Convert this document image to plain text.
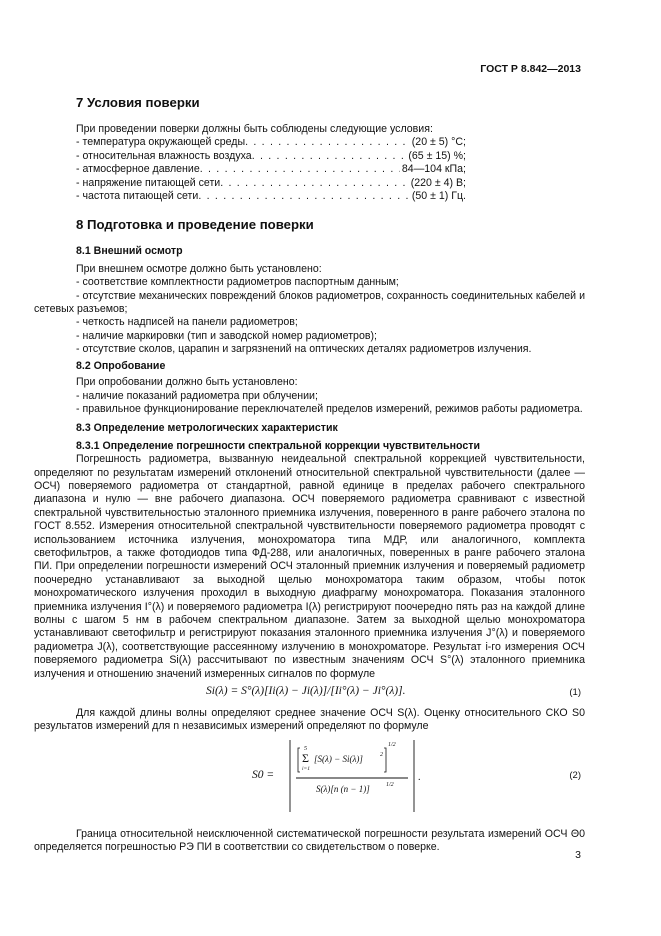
ГОСТ Р 8.842—2013
7 Условия поверки

При проведении поверки должны быть соблюдены следующие условия:

- температура окружающей среды . . .	(20 ± 5) °С;
- относительная влажность воздуха . . .	(65 ± 15) %;
- атмосферное давление . . .	84—104 кПа;
- напряжение питающей сети . . .	(220 ± 4) В;
- частота питающей сети . . .	(50 ± 1) Гц.
8 Подготовка и проведение поверки
8.1 Внешний осмотр

При внешнем осмотре должно быть установлено:

- соответствие комплектности радиометров паспортным данным;

- отсутствие механических повреждений блоков радиометров, сохранность соединительных кабелей и сетевых разъемов;

- четкость надписей на панели радиометров;

- наличие маркировки (тип и заводской номер радиометров);

- отсутствие сколов, царапин и загрязнений на оптических деталях радиометров излучения.

8.2 Опробование

При опробовании должно быть установлено:

- наличие показаний радиометра при облучении;

- правильное функционирование переключателей пределов измерений, режимов работы радиометра.

8.3 Определение метрологических характеристик
8.3.1 Определение погрешности спектральной коррекции чувствительности

Погрешность радиометра, вызванную неидеальной спектральной коррекцией чувствительности, определяют по результатам измерений отклонений относительной спектральной чувствительности (далее — ОСЧ) поверяемого радиометра от стандартной, равной единице в пределах рабочего спектрального диапазона и нулю — вне рабочего диапазона. ОСЧ поверяемого радиометра сравнивают с известной спектральной чувствительностью эталонного приемника излучения, поверенного в ранге рабочего эталона по ГОСТ 8.552. Измерения относительной спектральной чувствительности поверяемого радиометра проводят с использованием источника излучения, монохроматора типа МДР, или аналогичного, комплекта светофильтров, а также фотодиодов типа ФД-288, или аналогичных, поверенных в ранге рабочего эталона ПИ. При определении погрешности измерений ОСЧ эталонный приемник излучения и поверяемый радиометр поочередно устанавливают за выходной щелью монохроматора таким образом, чтобы поток монохроматического излучения проходил в выходную диафрагму монохроматора. Показания эталонного приемника излучения I°(λ) и поверяемого радиометра I(λ) регистрируют поочередно пять раз на каждой длине волны с шагом 5 нм в рабочем спектральном диапазоне. Затем за выходной щелью монохроматора устанавливают светофильтр и регистрируют показания эталонного приемника излучения J°(λ) и поверяемого радиометра J(λ), соответствующие рассеянному излучению в монохроматоре. Результат i-го измерения ОСЧ поверяемого радиометра Si(λ) рассчитывают по известным значениям ОСЧ S°(λ) эталонного приемника излучения и отношению значений измеренных сигналов по формуле

Si(λ) = S°(λ)[Ii(λ) − Ji(λ)]/[Ii°(λ) − Ji°(λ)].	(1)

Для каждой длины волны определяют среднее значение ОСЧ S(λ). Оценку относительного СКО S0 результатов измерений для n независимых измерений определяют по формуле

S0 =
5
Σ
i=1
[S(λ) − Si(λ)]	2
1/2
S(λ)[n (n − 1)]	1/2
.	(2)

Граница относительной неисключенной систематической погрешности результата измерений ОСЧ Θ0 определяется погрешностью РЭ ПИ в соответствии со свидетельством о поверке.

3
